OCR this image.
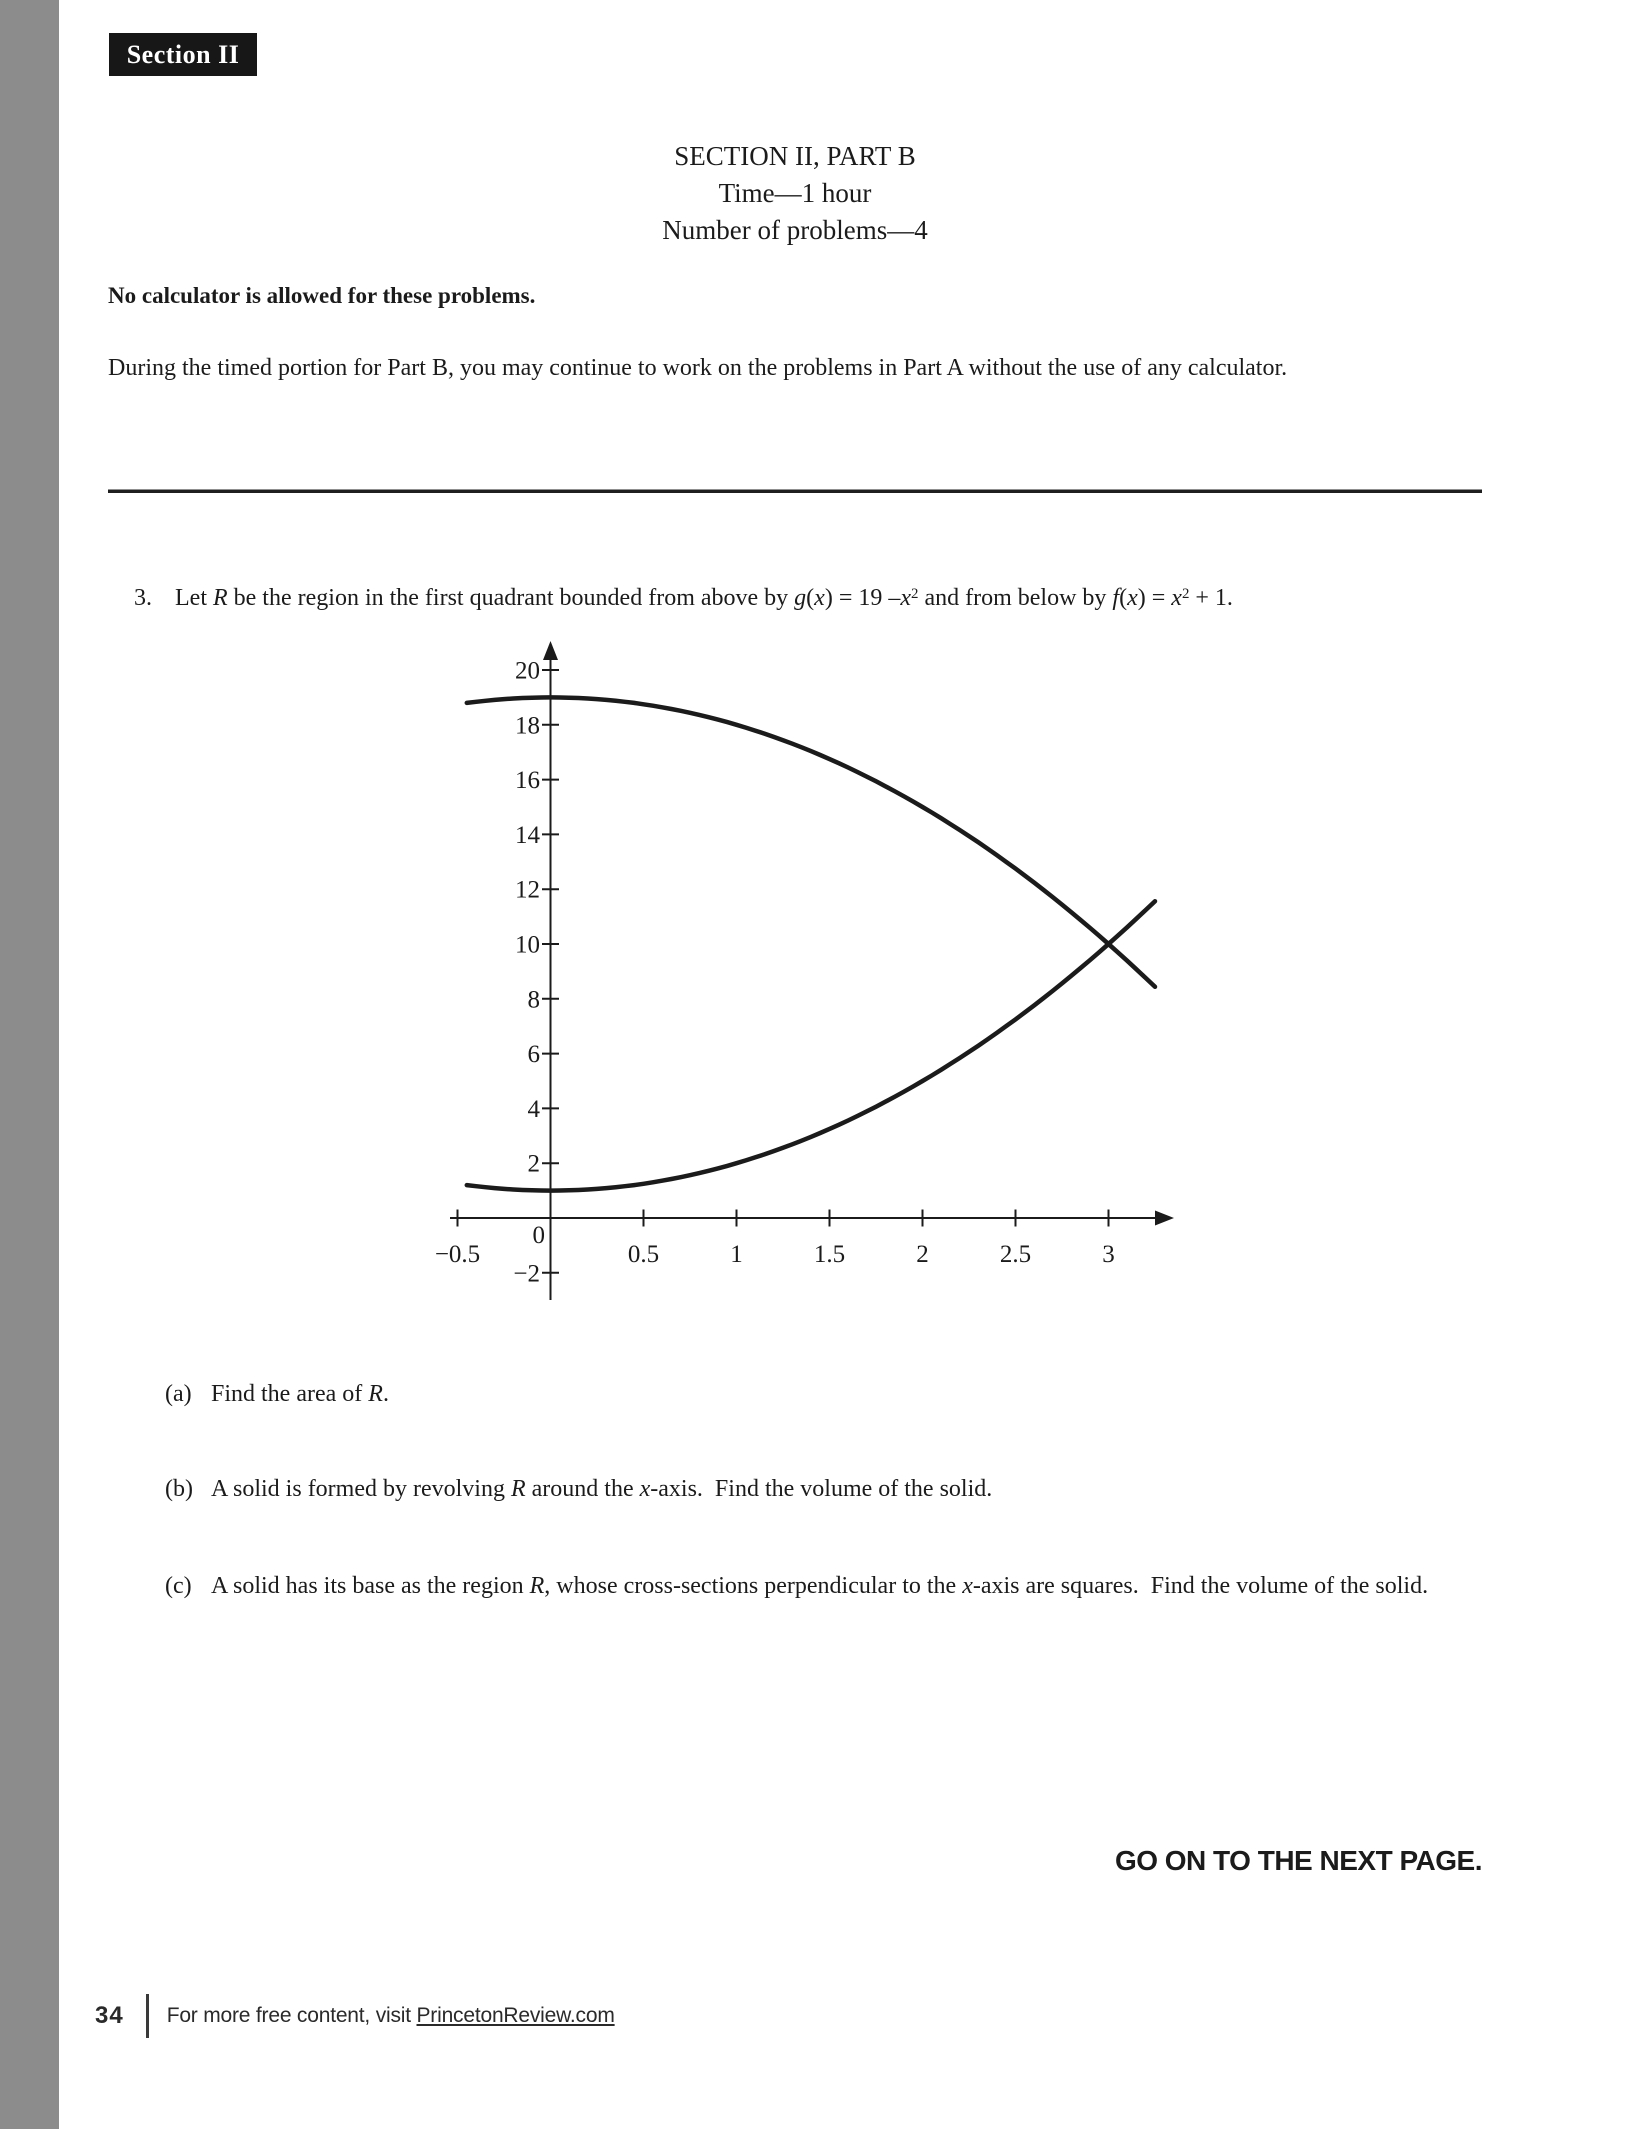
Section II
SECTION II, PART B
Time—1 hour
Number of problems—4
No calculator is allowed for these problems.
During the timed portion for Part B, you may continue to work on the problems in Part A without the use of any calculator.
3. Let R be the region in the first quadrant bounded from above by g(x) = 19 $-x^2$ and from below by $f(x) = x^2 + 1$.
−0.5	0.5	1	1.5	2	2.5	3
20
18
16
14
12
10
8
6
4
2
−2
0
(a) Find the area of R.
(b) A solid is formed by revolving R around the x-axis.  Find the volume of the solid.
(c) A solid has its base as the region R, whose cross-sections perpendicular to the x-axis are squares.  Find the volume of the solid.
GO ON TO THE NEXT PAGE.
34 For more free content, visit PrincetonReview.com
